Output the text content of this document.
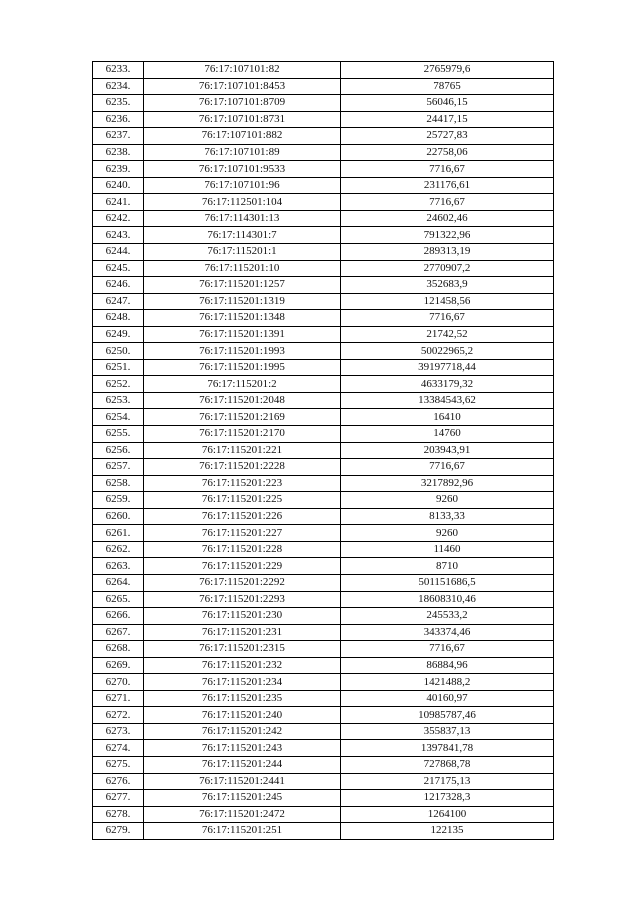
6233.	76:17:107101:82	2765979,6
6234.	76:17:107101:8453	78765
6235.	76:17:107101:8709	56046,15
6236.	76:17:107101:8731	24417,15
6237.	76:17:107101:882	25727,83
6238.	76:17:107101:89	22758,06
6239.	76:17:107101:9533	7716,67
6240.	76:17:107101:96	231176,61
6241.	76:17:112501:104	7716,67
6242.	76:17:114301:13	24602,46
6243.	76:17:114301:7	791322,96
6244.	76:17:115201:1	289313,19
6245.	76:17:115201:10	2770907,2
6246.	76:17:115201:1257	352683,9
6247.	76:17:115201:1319	121458,56
6248.	76:17:115201:1348	7716,67
6249.	76:17:115201:1391	21742,52
6250.	76:17:115201:1993	50022965,2
6251.	76:17:115201:1995	39197718,44
6252.	76:17:115201:2	4633179,32
6253.	76:17:115201:2048	13384543,62
6254.	76:17:115201:2169	16410
6255.	76:17:115201:2170	14760
6256.	76:17:115201:221	203943,91
6257.	76:17:115201:2228	7716,67
6258.	76:17:115201:223	3217892,96
6259.	76:17:115201:225	9260
6260.	76:17:115201:226	8133,33
6261.	76:17:115201:227	9260
6262.	76:17:115201:228	11460
6263.	76:17:115201:229	8710
6264.	76:17:115201:2292	501151686,5
6265.	76:17:115201:2293	18608310,46
6266.	76:17:115201:230	245533,2
6267.	76:17:115201:231	343374,46
6268.	76:17:115201:2315	7716,67
6269.	76:17:115201:232	86884,96
6270.	76:17:115201:234	1421488,2
6271.	76:17:115201:235	40160,97
6272.	76:17:115201:240	10985787,46
6273.	76:17:115201:242	355837,13
6274.	76:17:115201:243	1397841,78
6275.	76:17:115201:244	727868,78
6276.	76:17:115201:2441	217175,13
6277.	76:17:115201:245	1217328,3
6278.	76:17:115201:2472	1264100
6279.	76:17:115201:251	122135
